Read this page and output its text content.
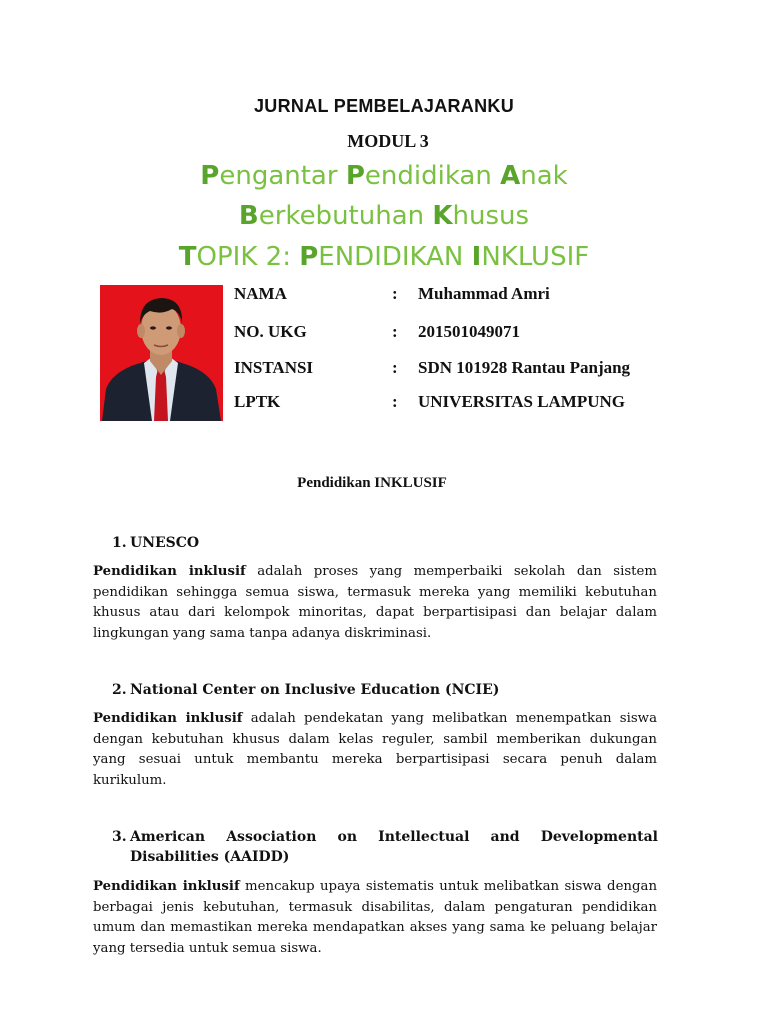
JURNAL PEMBELAJARANKU
MODUL 3
Pengantar Pendidikan Anak
Berkebutuhan Khusus
TOPIK 2: PENDIDIKAN INKLUSIF
NAMA	: Muhammad Amri
NO. UKG	: 201501049071
INSTANSI	: SDN 101928 Rantau Panjang
LPTK	: UNIVERSITAS LAMPUNG
Pendidikan INKLUSIF
1. UNESCO
Pendidikan inklusif adalah proses yang memperbaiki sekolah dan sistem pendidikan sehingga semua siswa, termasuk mereka yang memiliki kebutuhan khusus atau dari kelompok minoritas, dapat berpartisipasi dan belajar dalam lingkungan yang sama tanpa adanya diskriminasi.
2. National Center on Inclusive Education (NCIE)
Pendidikan inklusif adalah pendekatan yang melibatkan menempatkan siswa dengan kebutuhan khusus dalam kelas reguler, sambil memberikan dukungan yang sesuai untuk membantu mereka berpartisipasi secara penuh dalam kurikulum.
3. American Association on Intellectual and Developmental Disabilities (AAIDD)
Pendidikan inklusif mencakup upaya sistematis untuk melibatkan siswa dengan berbagai jenis kebutuhan, termasuk disabilitas, dalam pengaturan pendidikan umum dan memastikan mereka mendapatkan akses yang sama ke peluang belajar yang tersedia untuk semua siswa.
